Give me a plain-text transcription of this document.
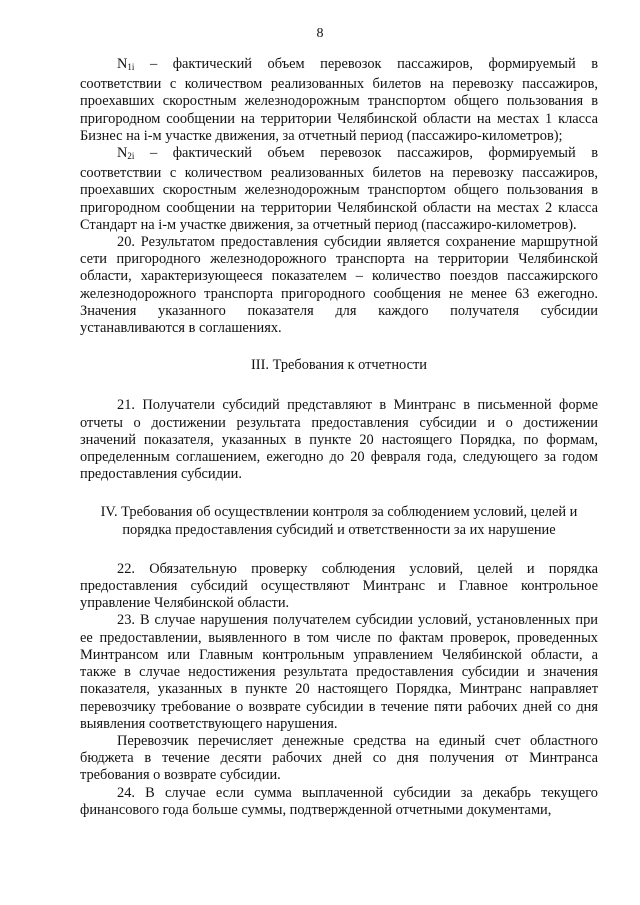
8

$N_{1i}$ – фактический объем перевозок пассажиров, формируемый в соответствии с количеством реализованных билетов на перевозку пассажиров, проехавших скоростным железнодорожным транспортом общего пользования в пригородном сообщении на территории Челябинской области на местах 1 класса Бизнес на i-м участке движения, за отчетный период (пассажиро-километров);

$N_{2i}$ – фактический объем перевозок пассажиров, формируемый в соответствии с количеством реализованных билетов на перевозку пассажиров, проехавших скоростным железнодорожным транспортом общего пользования в пригородном сообщении на территории Челябинской области на местах 2 класса Стандарт на i-м участке движения, за отчетный период (пассажиро-километров).

20. Результатом предоставления субсидии является сохранение маршрутной сети пригородного железнодорожного транспорта на территории Челябинской области, характеризующееся показателем – количество поездов пассажирского железнодорожного транспорта пригородного сообщения не менее 63 ежегодно. Значения указанного показателя для каждого получателя субсидии устанавливаются в соглашениях.

III. Требования к отчетности

21. Получатели субсидий представляют в Минтранс в письменной форме отчеты о достижении результата предоставления субсидии и о достижении значений показателя, указанных в пункте 20 настоящего Порядка, по формам, определенным соглашением, ежегодно до 20 февраля года, следующего за годом предоставления субсидии.

IV. Требования об осуществлении контроля за соблюдением условий, целей и порядка предоставления субсидий и ответственности за их нарушение

22. Обязательную проверку соблюдения условий, целей и порядка предоставления субсидий осуществляют Минтранс и Главное контрольное управление Челябинской области.

23. В случае нарушения получателем субсидии условий, установленных при ее предоставлении, выявленного в том числе по фактам проверок, проведенных Минтрансом или Главным контрольным управлением Челябинской области, а также в случае недостижения результата предоставления субсидии и значения показателя, указанных в пункте 20 настоящего Порядка, Минтранс направляет перевозчику требование о возврате субсидии в течение пяти рабочих дней со дня выявления соответствующего нарушения.

Перевозчик перечисляет денежные средства на единый счет областного бюджета в течение десяти рабочих дней со дня получения от Минтранса требования о возврате субсидии.

24. В случае если сумма выплаченной субсидии за декабрь текущего финансового года больше суммы, подтвержденной отчетными документами,
